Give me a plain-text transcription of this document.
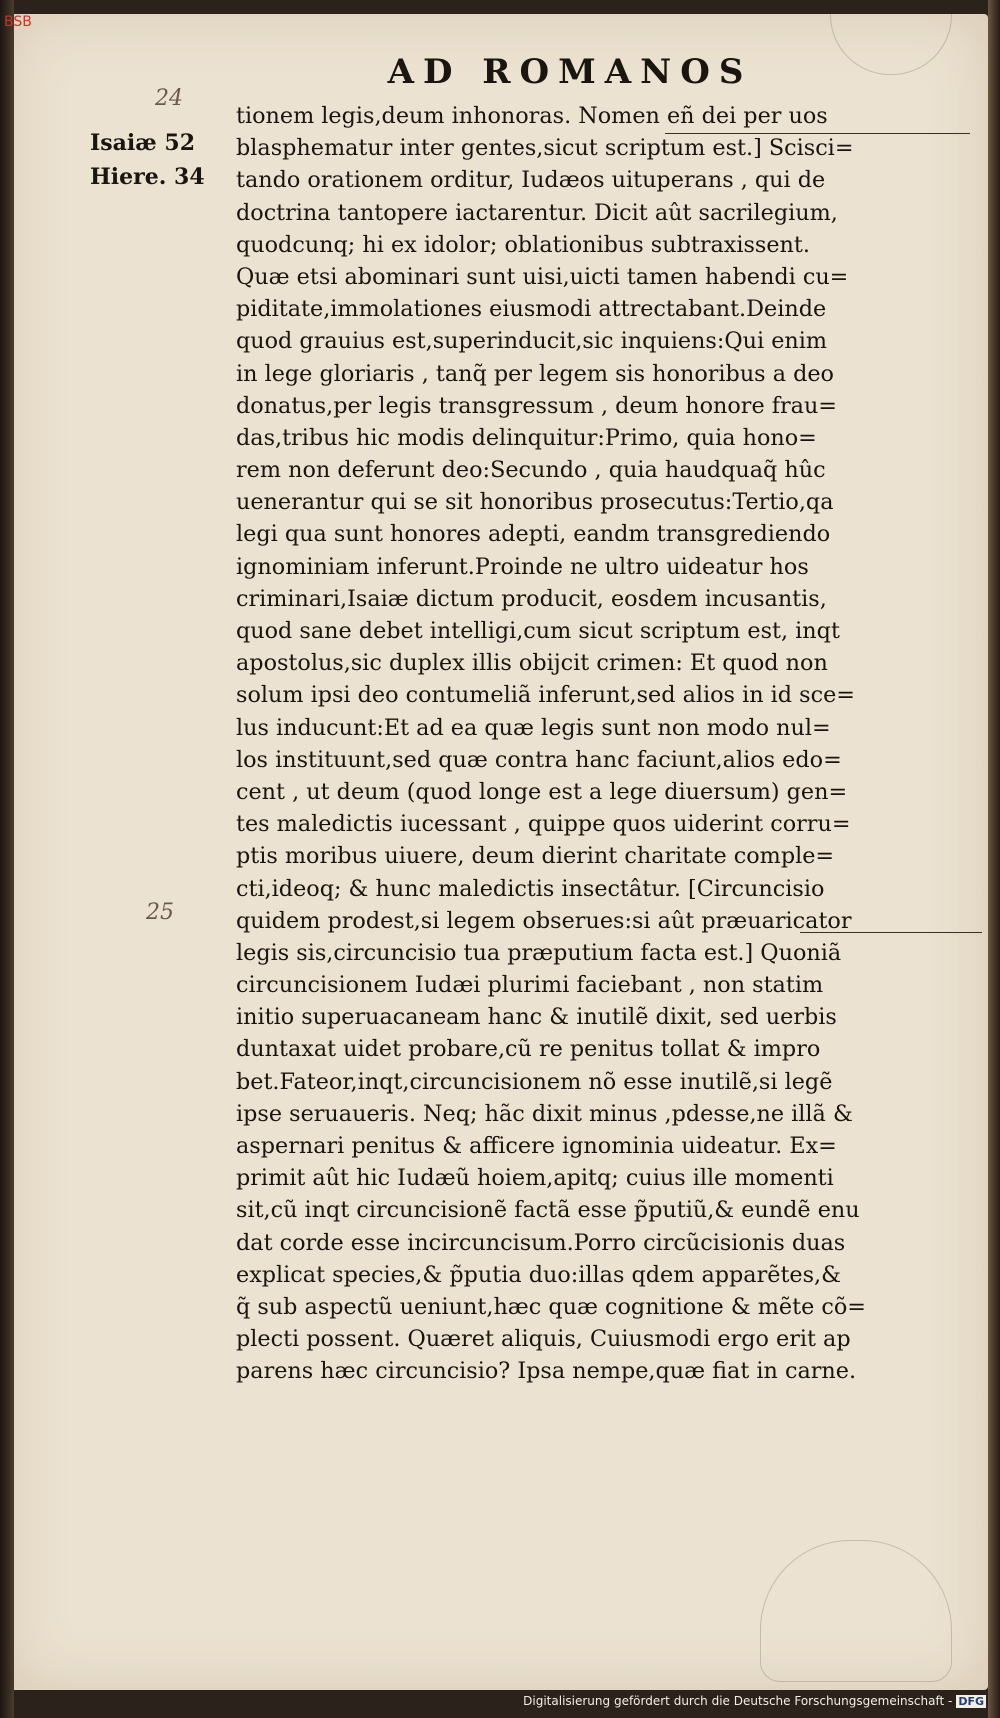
BSB
AD ROMANOS
24
25
Isaiæ 52
Hiere. 34
tionem legis,deum inhonoras. Nomen eñ dei per uos
blasphematur inter gentes,sicut scriptum est.] Scisci=
tando orationem orditur, Iudæos uituperans , qui de
doctrina tantopere iactarentur. Dicit aût sacrilegium,
quodcunq; hi ex idolor; oblationibus subtraxissent.
Quæ etsi abominari sunt uisi,uicti tamen habendi cu=
piditate,immolationes eiusmodi attrectabant.Deinde
quod grauius est,superinducit,sic inquiens:Qui enim
in lege gloriaris , tanq̃ per legem sis honoribus a deo
donatus,per legis transgressum , deum honore frau=
das,tribus hic modis delinquitur:Primo, quia hono=
rem non deferunt deo:Secundo , quia haudquaq̃ hûc
uenerantur qui se sit honoribus prosecutus:Tertio,qa
legi qua sunt honores adepti, eandm transgrediendo
ignominiam inferunt.Proinde ne ultro uideatur hos
criminari,Isaiæ dictum producit, eosdem incusantis,
quod sane debet intelligi,cum sicut scriptum est, inqt
apostolus,sic duplex illis obijcit crimen: Et quod non
solum ipsi deo contumeliã inferunt,sed alios in id sce=
lus inducunt:Et ad ea quæ legis sunt non modo nul=
los instituunt,sed quæ contra hanc faciunt,alios edo=
cent , ut deum (quod longe est a lege diuersum) gen=
tes maledictis iucessant , quippe quos uiderint corru=
ptis moribus uiuere, deum dierint charitate comple=
cti,ideoq; & hunc maledictis insectâtur. [Circuncisio
quidem prodest,si legem obserues:si aût præuaricator
legis sis,circuncisio tua præputium facta est.] Quoniã
circuncisionem Iudæi plurimi faciebant , non statim
initio superuacaneam hanc & inutilẽ dixit, sed uerbis
duntaxat uidet probare,cũ re penitus tollat & impro
bet.Fateor,inqt,circuncisionem nõ esse inutilẽ,si legẽ
ipse seruaueris. Neq; hãc dixit minus ,pdesse,ne illã &
aspernari penitus & afficere ignominia uideatur. Ex=
primit aût hic Iudæũ hoiem,apitq; cuius ille momenti
sit,cũ inqt circuncisionẽ factã esse p̃putiũ,& eundẽ enu
dat corde esse incircuncisum.Porro circũcisionis duas
explicat species,& p̃putia duo:illas qdem apparẽtes,&
q̃ sub aspectũ ueniunt,hæc quæ cognitione & mẽte cõ=
plecti possent. Quæret aliquis, Cuiusmodi ergo erit ap
parens hæc circuncisio? Ipsa nempe,quæ fiat in carne.
Digitalisierung gefördert durch die Deutsche Forschungsgemeinschaft - DFG
